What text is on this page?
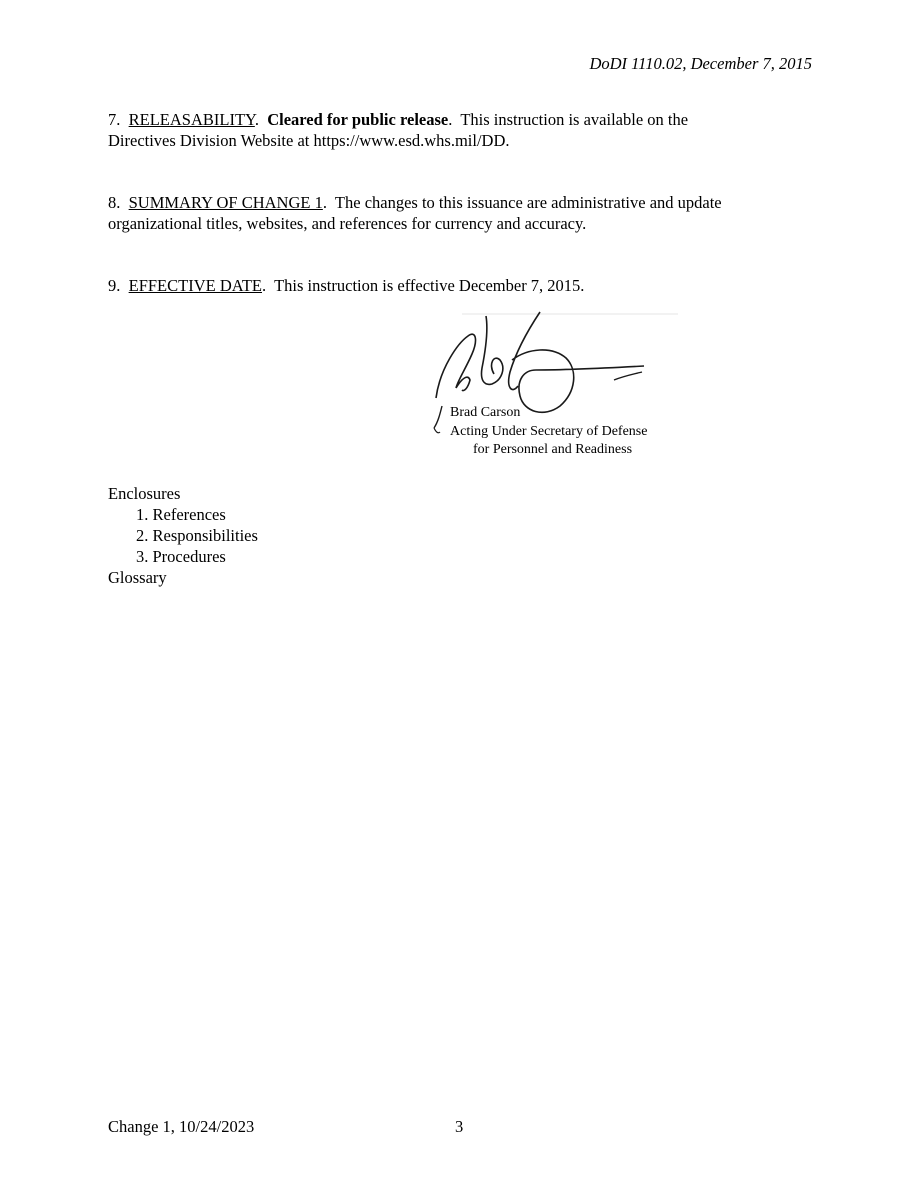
DoDI 1110.02, December 7, 2015
7. RELEASABILITY.  Cleared for public release.  This instruction is available on the
Directives Division Website at https://www.esd.whs.mil/DD.
8. SUMMARY OF CHANGE 1.  The changes to this issuance are administrative and update
organizational titles, websites, and references for currency and accuracy.
9. EFFECTIVE DATE.  This instruction is effective December 7, 2015.
Brad Carson
Acting Under Secretary of Defense
for Personnel and Readiness
Enclosures
1. References
2. Responsibilities
3. Procedures
Glossary
Change 1, 10/24/2023	3
